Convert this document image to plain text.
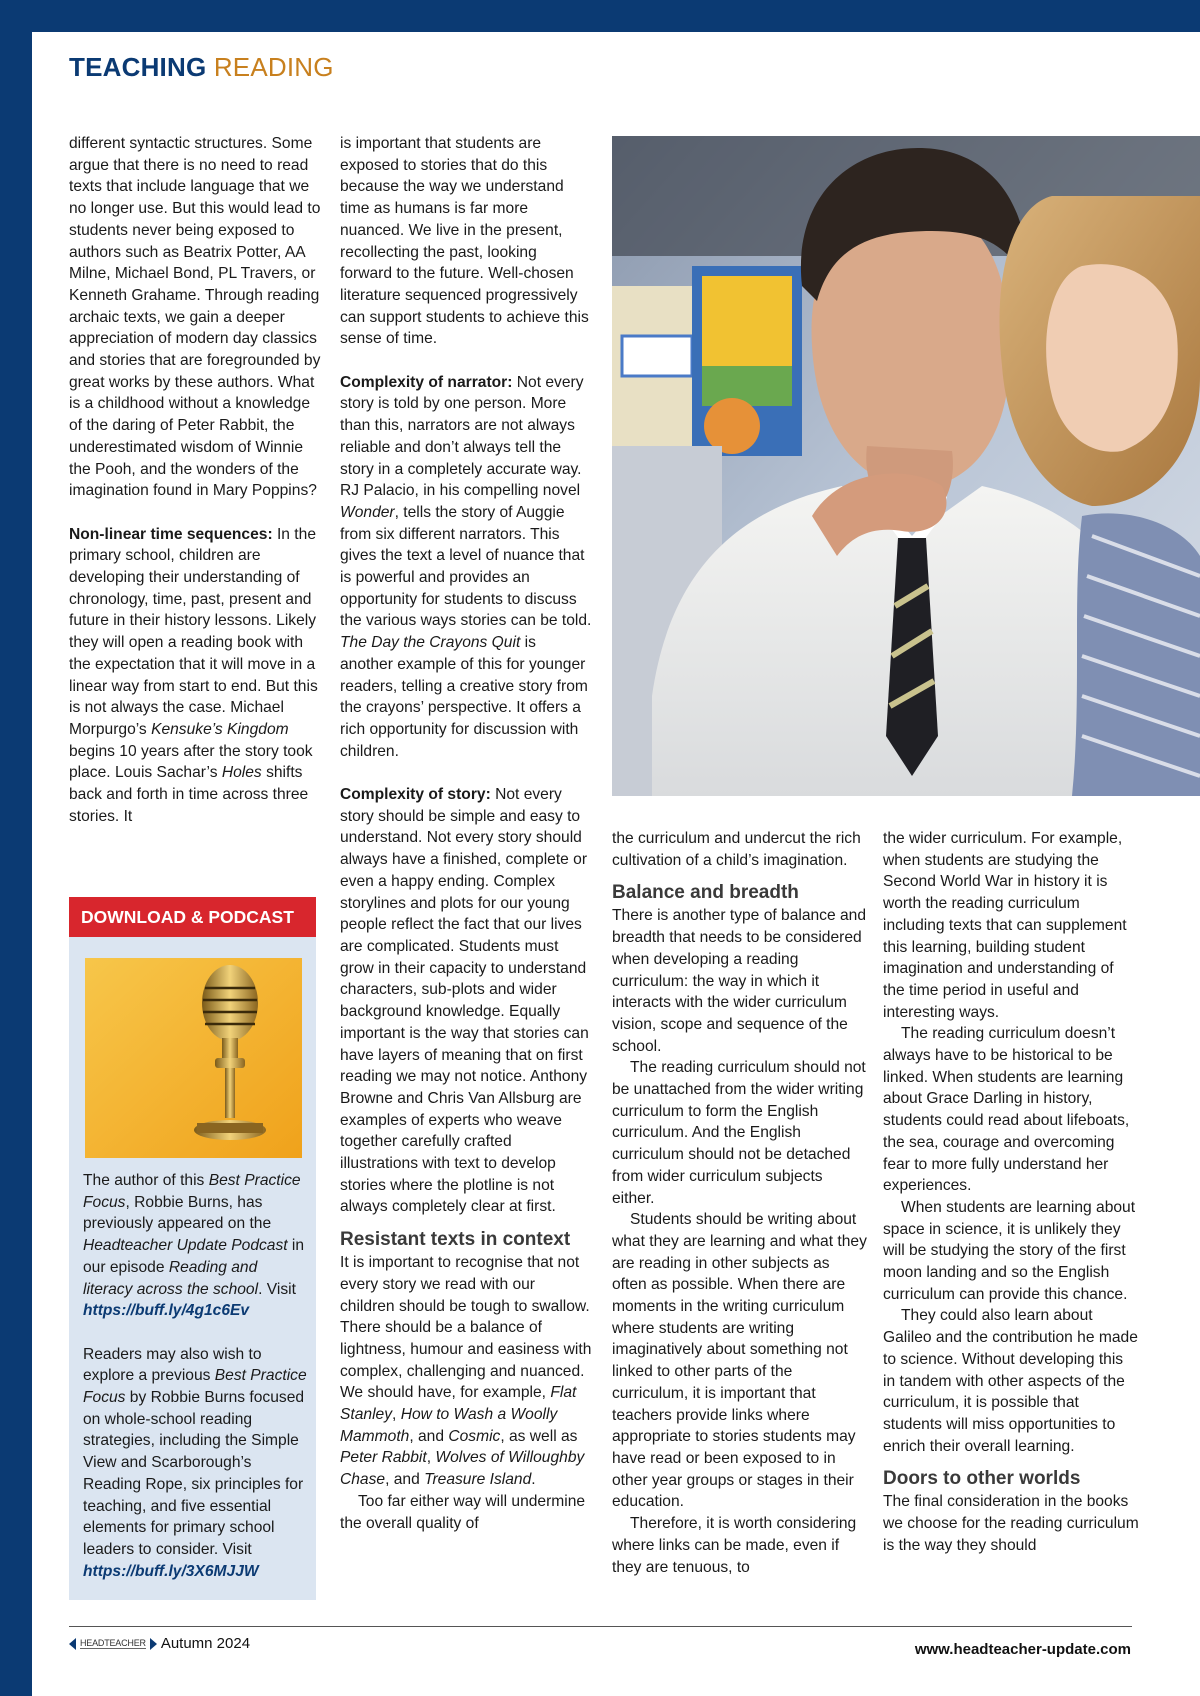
TEACHING READING

different syntactic structures. Some argue that there is no need to read texts that include language that we no longer use. But this would lead to students never being exposed to authors such as Beatrix Potter, AA Milne, Michael Bond, PL Travers, or Kenneth Grahame. Through reading archaic texts, we gain a deeper appreciation of modern day classics and stories that are foregrounded by great works by these authors. What is a childhood without a knowledge of the daring of Peter Rabbit, the underestimated wisdom of Winnie the Pooh, and the wonders of the imagination found in Mary Poppins?

Non-linear time sequences: In the primary school, children are developing their understanding of chronology, time, past, present and future in their history lessons. Likely they will open a reading book with the expectation that it will move in a linear way from start to end. But this is not always the case. Michael Morpurgo’s Kensuke’s Kingdom begins 10 years after the story took place. Louis Sachar’s Holes shifts back and forth in time across three stories. It

is important that students are exposed to stories that do this because the way we understand time as humans is far more nuanced. We live in the present, recollecting the past, looking forward to the future. Well-chosen literature sequenced progressively can support students to achieve this sense of time.

Complexity of narrator: Not every story is told by one person. More than this, narrators are not always reliable and don’t always tell the story in a completely accurate way. RJ Palacio, in his compelling novel Wonder, tells the story of Auggie from six different narrators. This gives the text a level of nuance that is powerful and provides an opportunity for students to discuss the various ways stories can be told. The Day the Crayons Quit is another example of this for younger readers, telling a creative story from the crayons’ perspective. It offers a rich opportunity for discussion with children.

Complexity of story: Not every story should be simple and easy to understand. Not every story should always have a finished, complete or even a happy ending. Complex storylines and plots for our young people reflect the fact that our lives are complicated. Students must grow in their capacity to understand characters, sub-plots and wider background knowledge. Equally important is the way that stories can have layers of meaning that on first reading we may not notice. Anthony Browne and Chris Van Allsburg are examples of experts who weave together carefully crafted illustrations with text to develop stories where the plotline is not always completely clear at first.

Resistant texts in context

It is important to recognise that not every story we read with our children should be tough to swallow. There should be a balance of lightness, humour and easiness with complex, challenging and nuanced. We should have, for example, Flat Stanley, How to Wash a Woolly Mammoth, and Cosmic, as well as Peter Rabbit, Wolves of Willoughby Chase, and Treasure Island.

Too far either way will undermine the overall quality of

the curriculum and undercut the rich cultivation of a child’s imagination.

Balance and breadth

There is another type of balance and breadth that needs to be considered when developing a reading curriculum: the way in which it interacts with the wider curriculum vision, scope and sequence of the school.

The reading curriculum should not be unattached from the wider writing curriculum to form the English curriculum. And the English curriculum should not be detached from wider curriculum subjects either.

Students should be writing about what they are learning and what they are reading in other subjects as often as possible. When there are moments in the writing curriculum where students are writing imaginatively about something not linked to other parts of the curriculum, it is important that teachers provide links where appropriate to stories students may have read or been exposed to in other year groups or stages in their education.

Therefore, it is worth considering where links can be made, even if they are tenuous, to

the wider curriculum. For example, when students are studying the Second World War in history it is worth the reading curriculum including texts that can supplement this learning, building student imagination and understanding of the time period in useful and interesting ways.

The reading curriculum doesn’t always have to be historical to be linked. When students are learning about Grace Darling in history, students could read about lifeboats, the sea, courage and overcoming fear to more fully understand her experiences.

When students are learning about space in science, it is unlikely they will be studying the story of the first moon landing and so the English curriculum can provide this chance.

They could also learn about Galileo and the contribution he made to science. Without developing this in tandem with other aspects of the curriculum, it is possible that students will miss opportunities to enrich their overall learning.

Doors to other worlds

The final consideration in the books we choose for the reading curriculum is the way they should

DOWNLOAD & PODCAST

The author of this Best Practice Focus, Robbie Burns, has previously appeared on the Headteacher Update Podcast in our episode Reading and literacy across the school. Visit https://buff.ly/4g1c6Ev

Readers may also wish to explore a previous Best Practice Focus by Robbie Burns focused on whole-school reading strategies, including the Simple View and Scarborough’s Reading Rope, six principles for teaching, and five essential elements for primary school leaders to consider. Visit https://buff.ly/3X6MJJW

HEADTEACHER Autumn 2024	www.headteacher-update.com
